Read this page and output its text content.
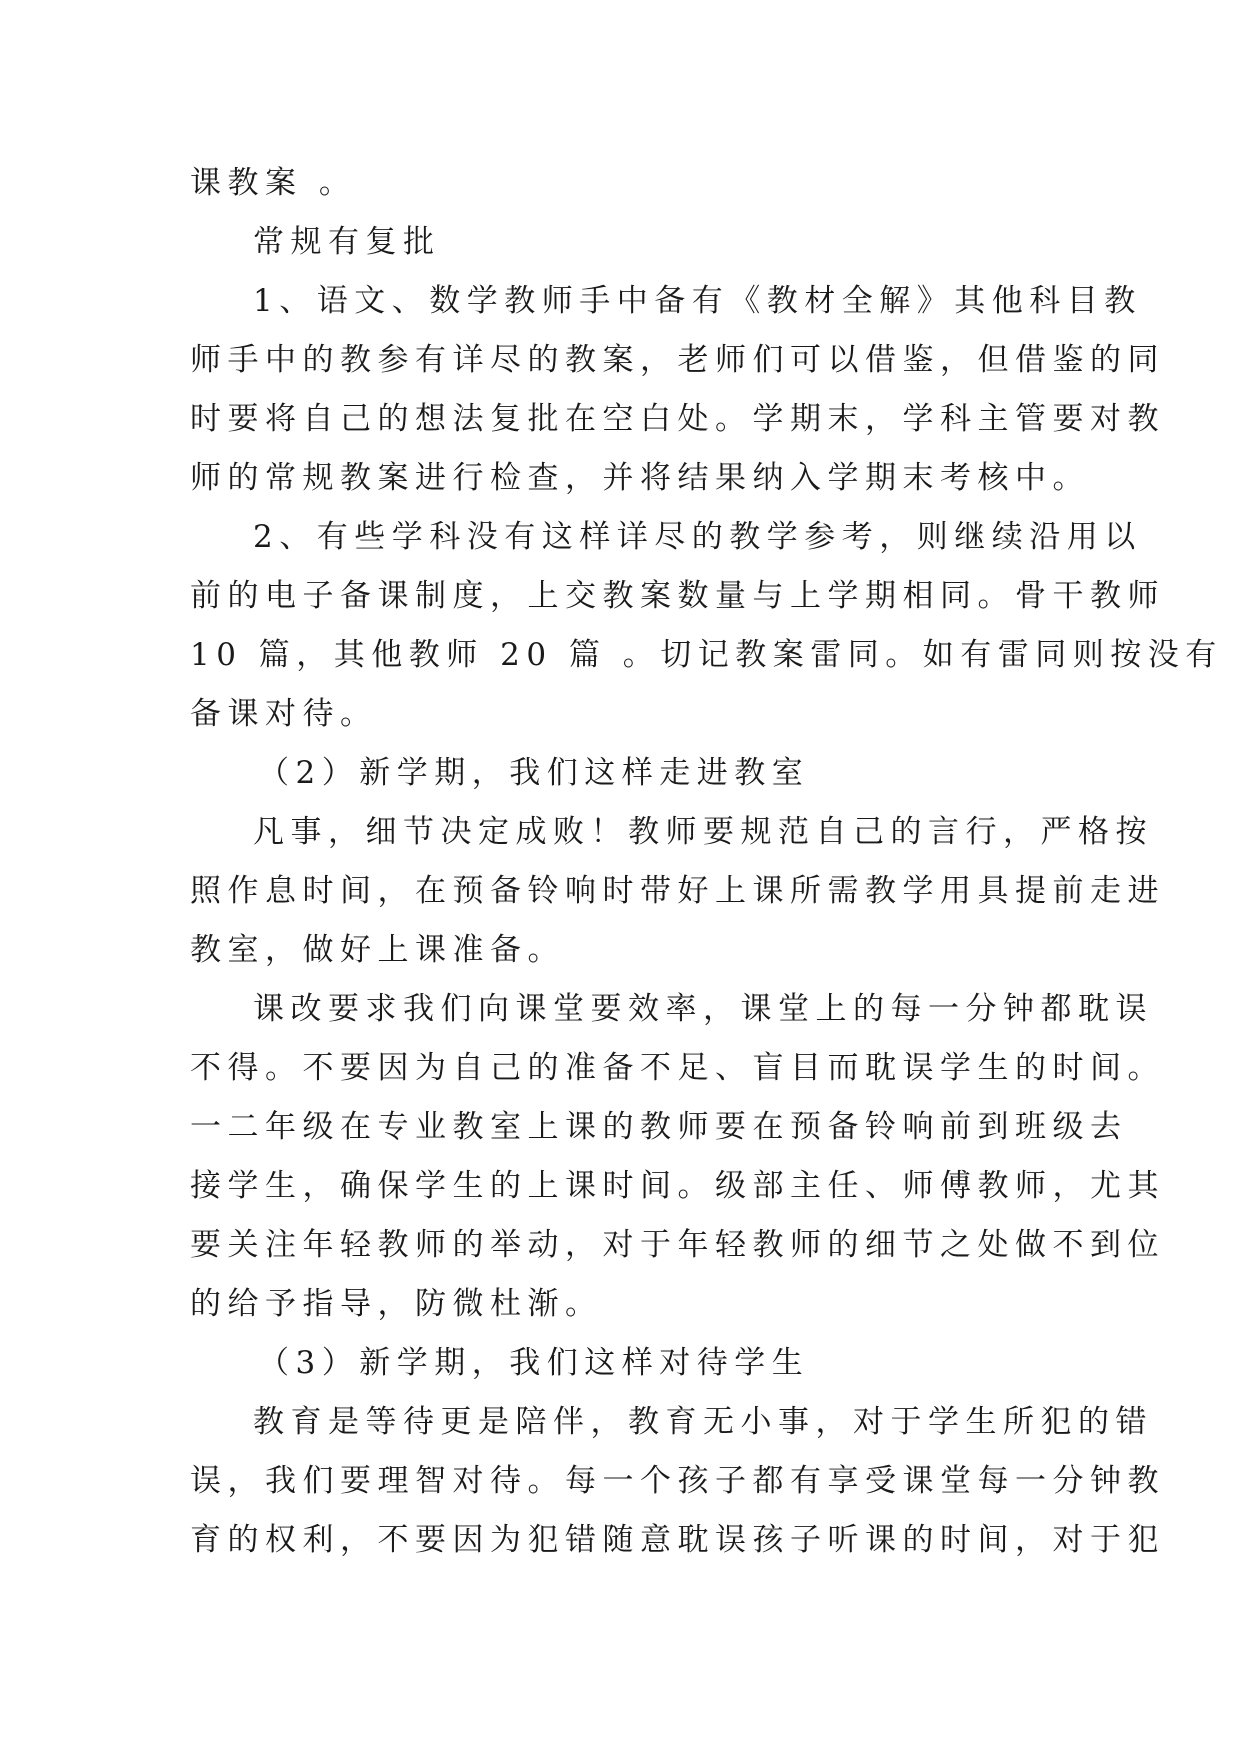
课教案 。
常规有复批
1、语文、数学教师手中备有《教材全解》其他科目教
师手中的教参有详尽的教案，老师们可以借鉴，但借鉴的同
时要将自己的想法复批在空白处。学期末，学科主管要对教
师的常规教案进行检查，并将结果纳入学期末考核中。
2、有些学科没有这样详尽的教学参考，则继续沿用以
前的电子备课制度，上交教案数量与上学期相同。骨干教师
10 篇，其他教师 20 篇 。切记教案雷同。如有雷同则按没有
备课对待。
（2）新学期，我们这样走进教室
凡事，细节决定成败！教师要规范自己的言行，严格按
照作息时间，在预备铃响时带好上课所需教学用具提前走进
教室，做好上课准备。
课改要求我们向课堂要效率，课堂上的每一分钟都耽误
不得。不要因为自己的准备不足、盲目而耽误学生的时间。
一二年级在专业教室上课的教师要在预备铃响前到班级去
接学生，确保学生的上课时间。级部主任、师傅教师，尤其
要关注年轻教师的举动，对于年轻教师的细节之处做不到位
的给予指导，防微杜渐。
（3）新学期，我们这样对待学生
教育是等待更是陪伴，教育无小事，对于学生所犯的错
误，我们要理智对待。每一个孩子都有享受课堂每一分钟教
育的权利，不要因为犯错随意耽误孩子听课的时间，对于犯
